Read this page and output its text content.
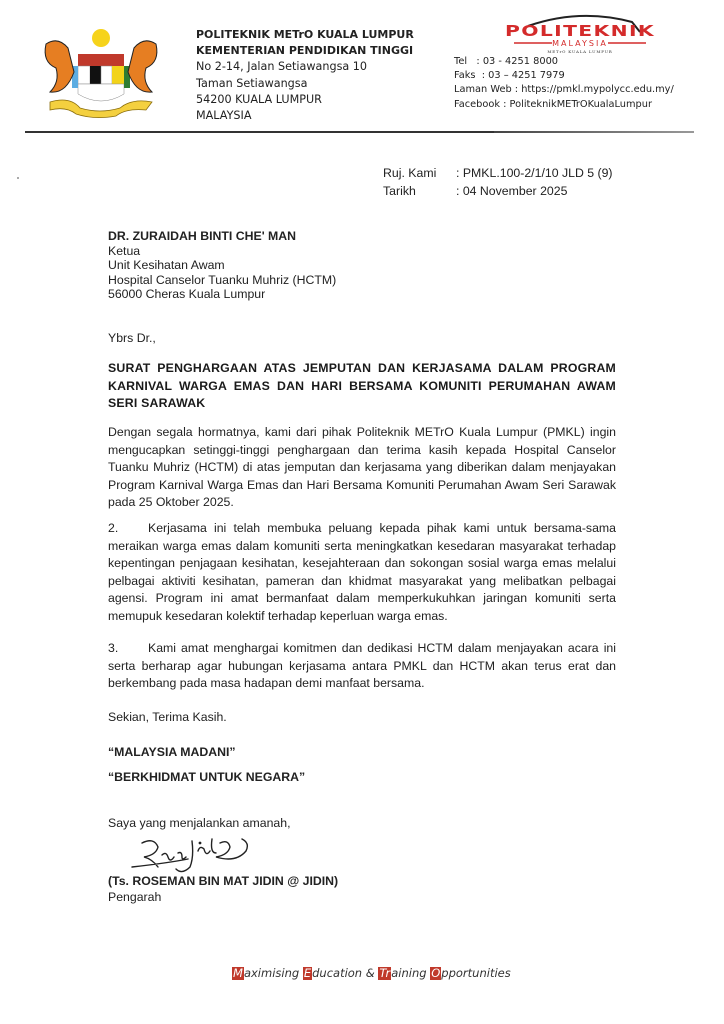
POLITEKNIK METrO KUALA LUMPUR
KEMENTERIAN PENDIDIKAN TINGGI
No 2-14, Jalan Setiawangsa 10
Taman Setiawangsa
54200 KUALA LUMPUR
MALAYSIA
POLITEKNIK
MALAYSIA
METrO KUALA LUMPUR
Tel   : 03 - 4251 8000
Faks  : 03 – 4251 7979
Laman Web : https://pmkl.mypolycc.edu.my/
Facebook : PoliteknikMETrOKualaLumpur
Ruj. Kami : PMKL.100-2/1/10 JLD 5 (9)
Tarikh	: 04 November 2025
DR. ZURAIDAH BINTI CHE' MAN
Ketua
Unit Kesihatan Awam
Hospital Canselor Tuanku Muhriz (HCTM)
56000 Cheras Kuala Lumpur
Ybrs Dr.,
SURAT PENGHARGAAN ATAS JEMPUTAN DAN KERJASAMA DALAM PROGRAM KARNIVAL WARGA EMAS DAN HARI BERSAMA KOMUNITI PERUMAHAN AWAM SERI SARAWAK
Dengan segala hormatnya, kami dari pihak Politeknik METrO Kuala Lumpur (PMKL) ingin mengucapkan setinggi-tinggi penghargaan dan terima kasih kepada Hospital Canselor Tuanku Muhriz (HCTM) di atas jemputan dan kerjasama yang diberikan dalam menjayakan Program Karnival Warga Emas dan Hari Bersama Komuniti Perumahan Awam Seri Sarawak pada 25 Oktober 2025.
2. Kerjasama ini telah membuka peluang kepada pihak kami untuk bersama-sama meraikan warga emas dalam komuniti serta meningkatkan kesedaran masyarakat terhadap kepentingan penjagaan kesihatan, kesejahteraan dan sokongan sosial warga emas melalui pelbagai aktiviti kesihatan, pameran dan khidmat masyarakat yang melibatkan pelbagai agensi. Program ini amat bermanfaat dalam memperkukuhkan jaringan komuniti serta memupuk kesedaran kolektif terhadap keperluan warga emas.
3. Kami amat menghargai komitmen dan dedikasi HCTM dalam menjayakan acara ini serta berharap agar hubungan kerjasama antara PMKL dan HCTM akan terus erat dan berkembang pada masa hadapan demi manfaat bersama.
Sekian, Terima Kasih.
“MALAYSIA MADANI”
“BERKHIDMAT UNTUK NEGARA”
Saya yang menjalankan amanah,
(Ts. ROSEMAN BIN MAT JIDIN @ JIDIN)
Pengarah
Maximising Education & Training Opportunities
